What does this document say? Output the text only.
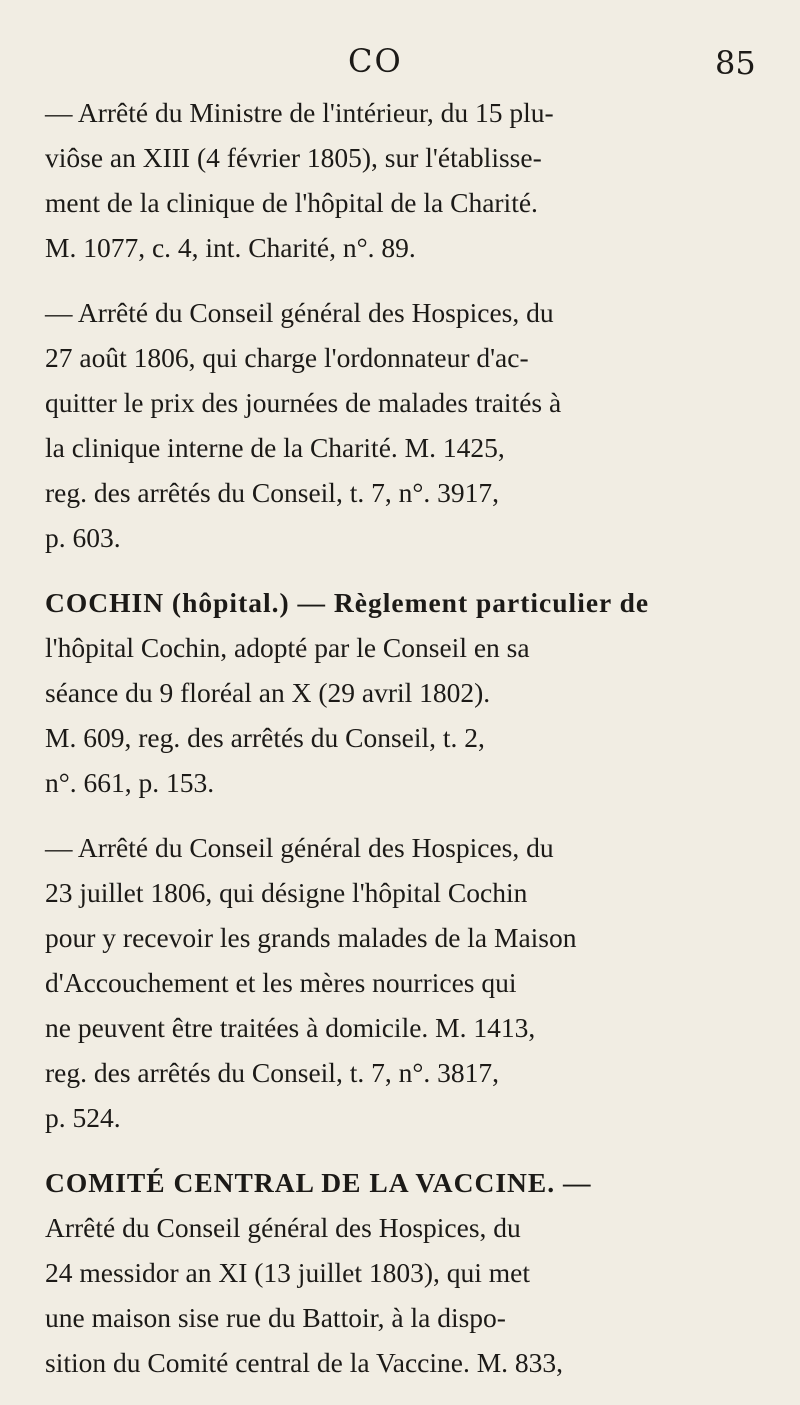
CO	85
— Arrêté du Ministre de l'intérieur, du 15 plu-
viôse an XIII (4 février 1805), sur l'établisse-
ment de la clinique de l'hôpital de la Charité.
M. 1077, c. 4, int. Charité, n°. 89.
— Arrêté du Conseil général des Hospices, du
27 août 1806, qui charge l'ordonnateur d'ac-
quitter le prix des journées de malades traités à
la clinique interne de la Charité. M. 1425,
reg. des arrêtés du Conseil, t. 7, n°. 3917,
p. 603.
COCHIN (hôpital.) — Règlement particulier de
l'hôpital Cochin, adopté par le Conseil en sa
séance du 9 floréal an X (29 avril 1802).
M. 609, reg. des arrêtés du Conseil, t. 2,
n°. 661, p. 153.
— Arrêté du Conseil général des Hospices, du
23 juillet 1806, qui désigne l'hôpital Cochin
pour y recevoir les grands malades de la Maison
d'Accouchement et les mères nourrices qui
ne peuvent être traitées à domicile. M. 1413,
reg. des arrêtés du Conseil, t. 7, n°. 3817,
p. 524.
COMITÉ CENTRAL DE LA VACCINE. —
Arrêté du Conseil général des Hospices, du
24 messidor an XI (13 juillet 1803), qui met
une maison sise rue du Battoir, à la dispo-
sition du Comité central de la Vaccine. M. 833,
